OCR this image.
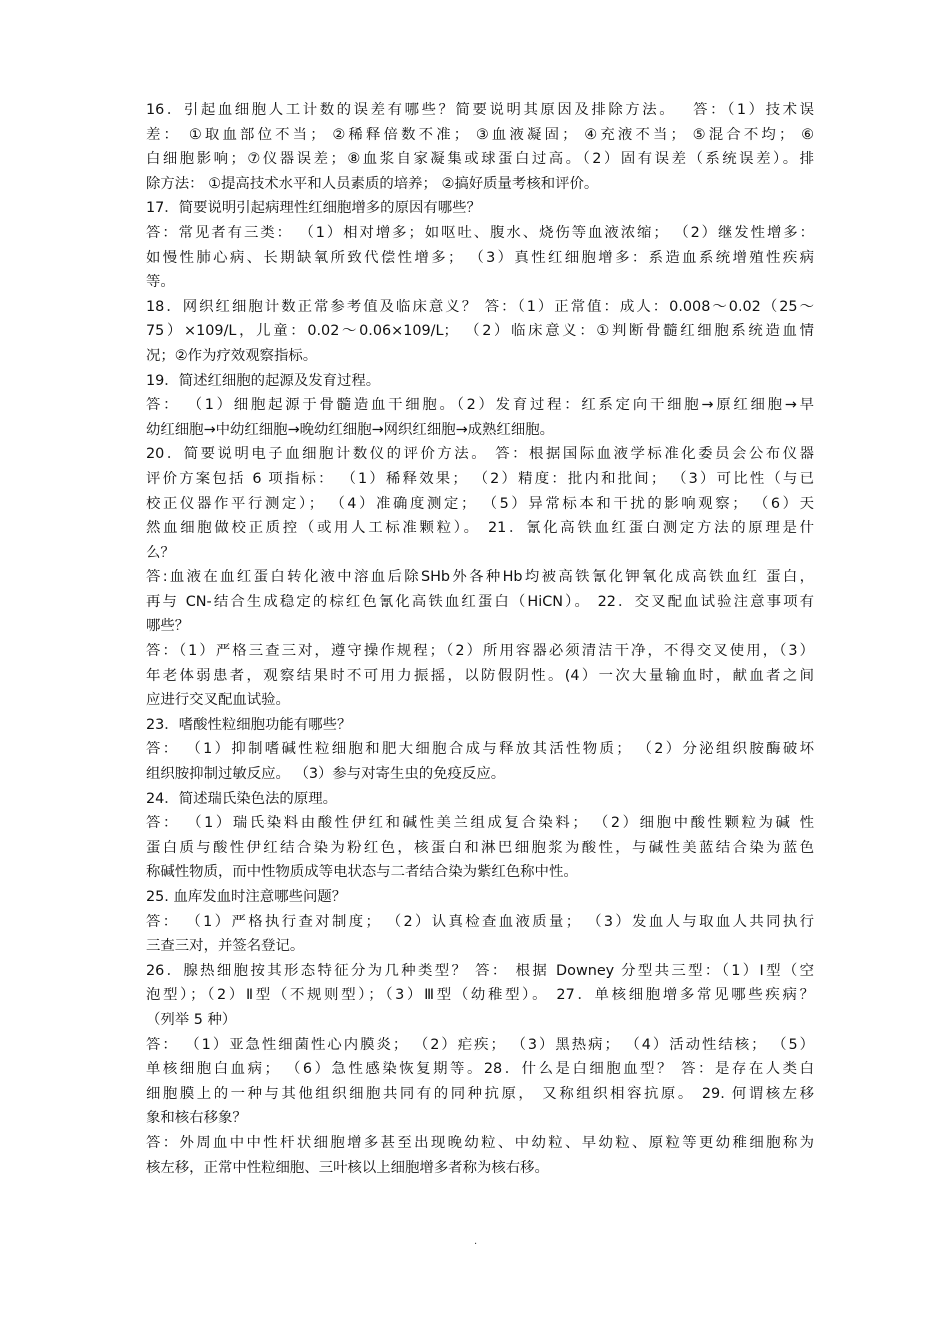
16．引起血细胞人工计数的误差有哪些？简要说明其原因及排除方法。　 答：（1）技术误
差： ①取血部位不当； ②稀释倍数不准； ③血液凝固； ④充液不当； ⑤混合不均； ⑥
白细胞影响；⑦仪器误差；⑧血浆自家凝集或球蛋白过高。（2）固有误差（系统误差）。排
除方法： ①提高技术水平和人员素质的培养； ②搞好质量考核和评价。
17．简要说明引起病理性红细胞增多的原因有哪些？
答：常见者有三类： （1）相对增多；如呕吐、腹水、烧伤等血液浓缩； （2）继发性增多：
如慢性肺心病、长期缺氧所致代偿性增多； （3）真性红细胞增多：系造血系统增殖性疾病
等。
18．网织红细胞计数正常参考值及临床意义？ 答：（1）正常值：成人：0.008～0.02（25～
75）×109/L，儿童：0.02～0.06×109/L； （2）临床意义：①判断骨髓红细胞系统造血情
况；②作为疗效观察指标。
19．简述红细胞的起源及发育过程。
答： （1）细胞起源于骨髓造血干细胞。（2）发育过程：红系定向干细胞→原红细胞→早
幼红细胞→中幼红细胞→晚幼红细胞→网织红细胞→成熟红细胞。
20．简要说明电子血细胞计数仪的评价方法。 答：根据国际血液学标准化委员会公布仪器
评价方案包括 6 项指标： （1）稀释效果； （2）精度：批内和批间； （3）可比性（与已
校正仪器作平行测定）； （4）准确度测定； （5）异常标本和干扰的影响观察； （6）天
然血细胞做校正质控（或用人工标准颗粒）。 21．氰化高铁血红蛋白测定方法的原理是什
么？
答:血液在血红蛋白转化液中溶血后除SHb外各种Hb均被高铁氰化钾氧化成高铁血红 蛋白，
再与 CN-结合生成稳定的棕红色氰化高铁血红蛋白（HiCN）。 22．交叉配血试验注意事项有
哪些？
答：（1）严格三查三对，遵守操作规程；（2）所用容器必须清洁干净，不得交叉使用，（3）
年老体弱患者，观察结果时不可用力振摇，以防假阴性。(4）一次大量输血时，献血者之间
应进行交叉配血试验。
23．嗜酸性粒细胞功能有哪些？
答： （1）抑制嗜碱性粒细胞和肥大细胞合成与释放其活性物质； （2）分泌组织胺酶破坏
组织胺抑制过敏反应。 （3）参与对寄生虫的免疫反应。
24．简述瑞氏染色法的原理。
答： （1）瑞氏染料由酸性伊红和碱性美兰组成复合染料； （2）细胞中酸性颗粒为碱 性
蛋白质与酸性伊红结合染为粉红色，核蛋白和淋巴细胞浆为酸性，与碱性美蓝结合染为蓝色
称碱性物质，而中性物质成等电状态与二者结合染为紫红色称中性。
25. 血库发血时注意哪些问题？
答： （1）严格执行查对制度； （2）认真检查血液质量； （3）发血人与取血人共同执行
三查三对，并签名登记。
26．腺热细胞按其形态特征分为几种类型？ 答： 根据 Downey 分型共三型：（1）Ⅰ型（空
泡型）；（2）Ⅱ型（不规则型）；（3）Ⅲ型（幼稚型）。 27．单核细胞增多常见哪些疾病？
（列举 5 种）
答： （1）亚急性细菌性心内膜炎； （2）疟疾； （3）黑热病； （4）活动性结核； （5）
单核细胞白血病； （6）急性感染恢复期等。28．什么是白细胞血型？ 答：是存在人类白
细胞膜上的一种与其他组织细胞共同有的同种抗原， 又称组织相容抗原。 29. 何谓核左移
象和核右移象？
答：外周血中中性杆状细胞增多甚至出现晚幼粒、中幼粒、早幼粒、原粒等更幼稚细胞称为
核左移，正常中性粒细胞、三叶核以上细胞增多者称为核右移。
.
